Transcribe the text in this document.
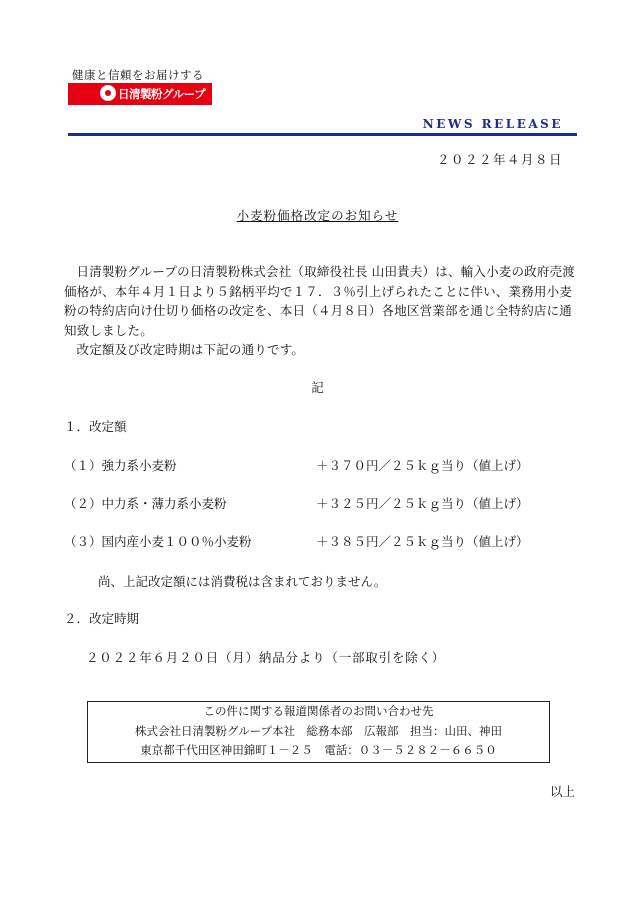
健康と信頼をお届けする
日清製粉グループ
NEWS RELEASE
２０２２年４月８日
小麦粉価格改定のお知らせ

日清製粉グループの日清製粉株式会社（取締役社長 山田貴夫）は、輸入小麦の政府売渡価格が、本年４月１日より５銘柄平均で１７．３％引上げられたことに伴い、業務用小麦粉の特約店向け仕切り価格の改定を、本日（４月８日）各地区営業部を通じ全特約店に通知致しました。

改定額及び改定時期は下記の通りです。

記
１．改定額
（１）強力系小麦粉	＋３７０円／２５ｋｇ当り（値上げ）
（２）中力系・薄力系小麦粉	＋３２５円／２５ｋｇ当り（値上げ）
（３）国内産小麦１００％小麦粉	＋３８５円／２５ｋｇ当り（値上げ）
尚、上記改定額には消費税は含まれておりません。
２．改定時期
２０２２年６月２０日（月）納品分より（一部取引を除く）
この件に関する報道関係者のお問い合わせ先
株式会社日清製粉グループ本社　総務本部　広報部　担当：山田、神田
東京都千代田区神田錦町１－２５　電話：０３－５２８２－６６５０
以上
